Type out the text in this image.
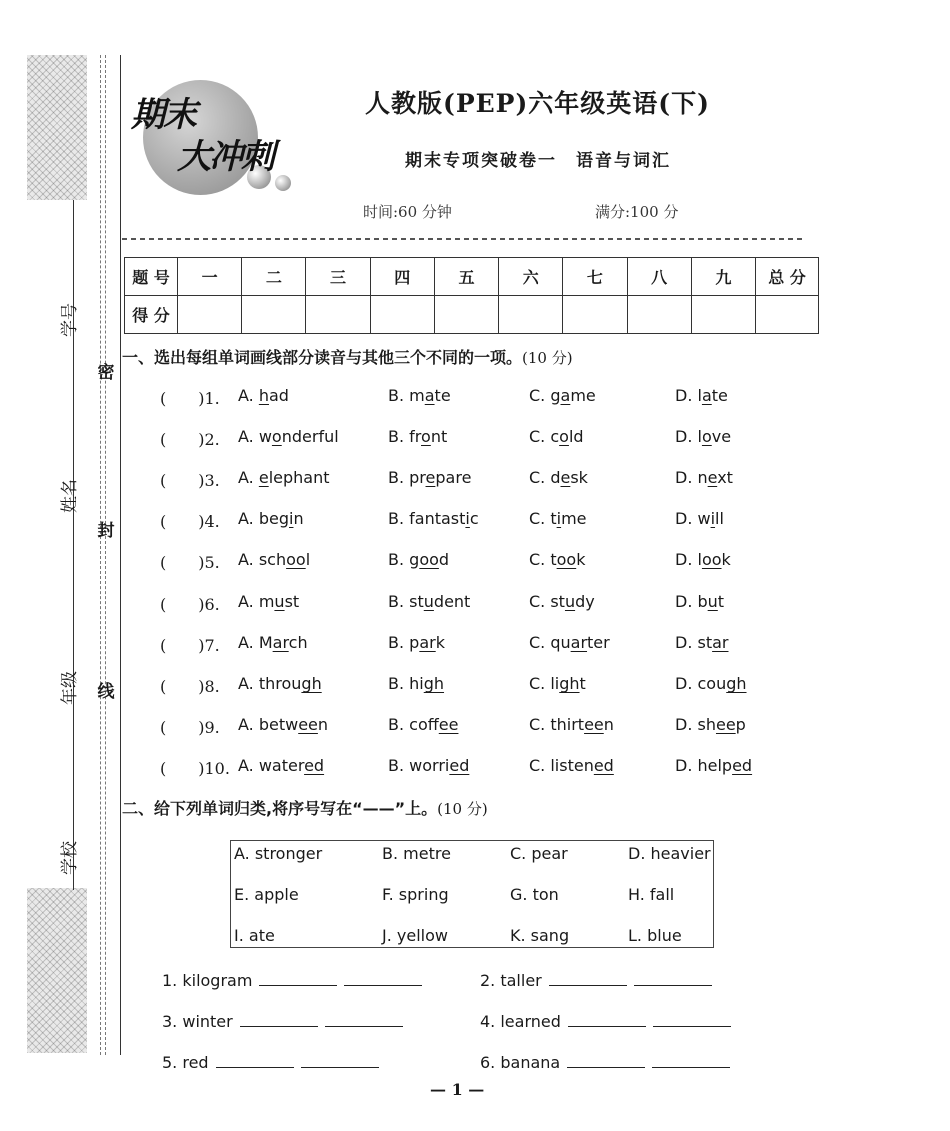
学号
姓名
年级
学校
密
封
线
期末
大冲刺
人教版(PEP)六年级英语(下)
期末专项突破卷一　语音与词汇
时间:60 分钟	满分:100 分
题 号	一	二	三	四	五	六	七	八	九	总 分
得 分										
一、选出每组单词画线部分读音与其他三个不同的一项。(10 分)
(　　)1. A. had	B. mate	C. game	D. late
(　　)2. A. wonderful	B. front	C. cold	D. love
(　　)3. A. elephant	B. prepare	C. desk	D. next
(　　)4. A. begin	B. fantastic	C. time	D. will
(　　)5. A. school	B. good	C. took	D. look
(　　)6. A. must	B. student	C. study	D. but
(　　)7. A. March	B. park	C. quarter	D. star
(　　)8. A. through	B. high	C. light	D. cough
(　　)9. A. between	B. coffee	C. thirteen	D. sheep
(　　)10. A. watered	B. worried	C. listened	D. helped
二、给下列单词归类,将序号写在“——”上。(10 分)
A. stronger	B. metre	C. pear	D. heavier
E. apple	F. spring	G. ton	H. fall
I. ate	J. yellow	K. sang	L. blue
1. kilogram	2. taller
3. winter	4. learned
5. red	6. banana
— 1 —
